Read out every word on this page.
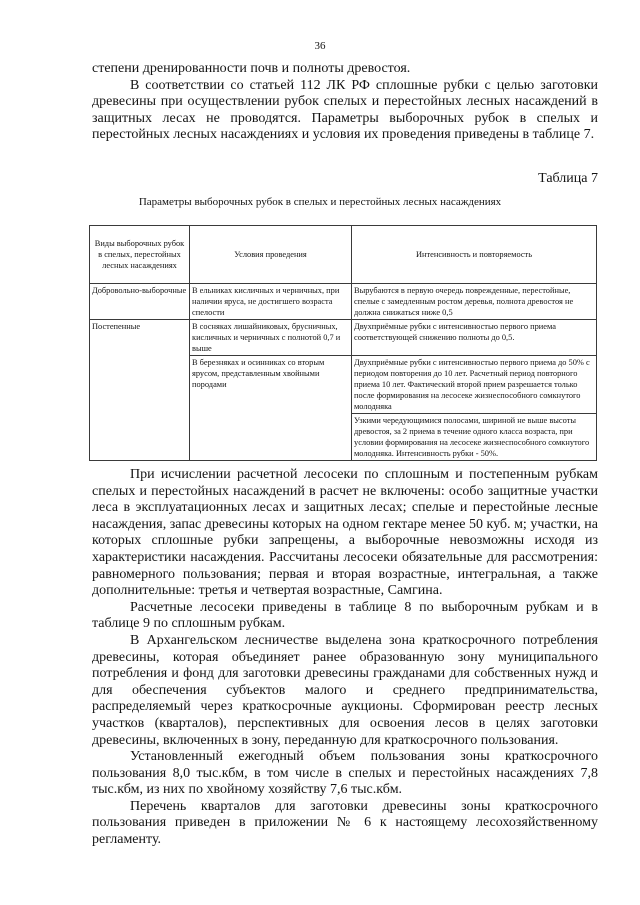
36

степени дренированности почв и полноты древостоя.

В соответствии со статьей 112 ЛК РФ сплошные рубки с целью заготовки древесины при осуществлении рубок спелых и перестойных лесных насаждений в защитных лесах не проводятся. Параметры выборочных рубок в спелых и перестойных лесных насаждениях и условия их проведения приведены в таблице 7.

Таблица 7
Параметры выборочных рубок в спелых и перестойных лесных насаждениях
Виды выборочных рубок в спелых, перестойных лесных насаждениях	Условия проведения	Интенсивность и повторяемость
Добровольно-выборочные	В ельниках кисличных и черничных, при наличии яруса, не достигшего возраста спелости	Вырубаются в первую очередь поврежденные, перестойные, спелые с замедленным ростом деревья, полнота древостоя не должна снижаться ниже 0,5
Постепенные	В сосняках лишайниковых, брусничных, кисличных и черничных с полнотой 0,7 и выше	Двухприёмные рубки с интенсивностью первого приема соответствующей снижению полноты до 0,5.
	В березняках и осинниках со вторым ярусом, представленным хвойными породами	Двухприёмные рубки с интенсивностью первого приема до 50% с периодом повторения до 10 лет. Расчетный период повторного приема 10 лет. Фактический второй прием разрешается только после формирования на лесосеке жизнеспособного сомкнутого молодняка
		Узкими чередующимися полосами, шириной не выше высоты древостоя, за 2 приема в течение одного класса возраста, при условии формирования на лесосеке жизнеспособного сомкнутого молодняка. Интенсивность рубки - 50%.

При исчислении расчетной лесосеки по сплошным и постепенным рубкам спелых и перестойных насаждений в расчет не включены: особо защитные участки леса в эксплуатационных лесах и защитных лесах; спелые и перестойные лесные насаждения, запас древесины которых на одном гектаре менее 50 куб. м; участки, на которых сплошные рубки запрещены, а выборочные невозможны исходя из характеристики насаждения. Рассчитаны лесосеки обязательные для рассмотрения: равномерного пользования; первая и вторая возрастные, интегральная, а также дополнительные: третья и четвертая возрастные, Самгина.

Расчетные лесосеки приведены в таблице 8 по выборочным рубкам и в таблице 9 по сплошным рубкам.

В Архангельском лесничестве выделена зона краткосрочного потребления древесины, которая объединяет ранее образованную зону муниципального потребления и фонд для заготовки древесины гражданами для собственных нужд и для обеспечения субъектов малого и среднего предпринимательства, распределяемый через краткосрочные аукционы. Сформирован реестр лесных участков (кварталов), перспективных для освоения лесов в целях заготовки древесины, включенных в зону, переданную для краткосрочного пользования.

Установленный ежегодный объем пользования зоны краткосрочного пользования 8,0 тыс.кбм, в том числе в спелых и перестойных насаждениях 7,8 тыс.кбм, из них по хвойному хозяйству 7,6 тыс.кбм.

Перечень кварталов для заготовки древесины зоны краткосрочного пользования приведен в приложении № 6 к настоящему лесохозяйственному регламенту.
